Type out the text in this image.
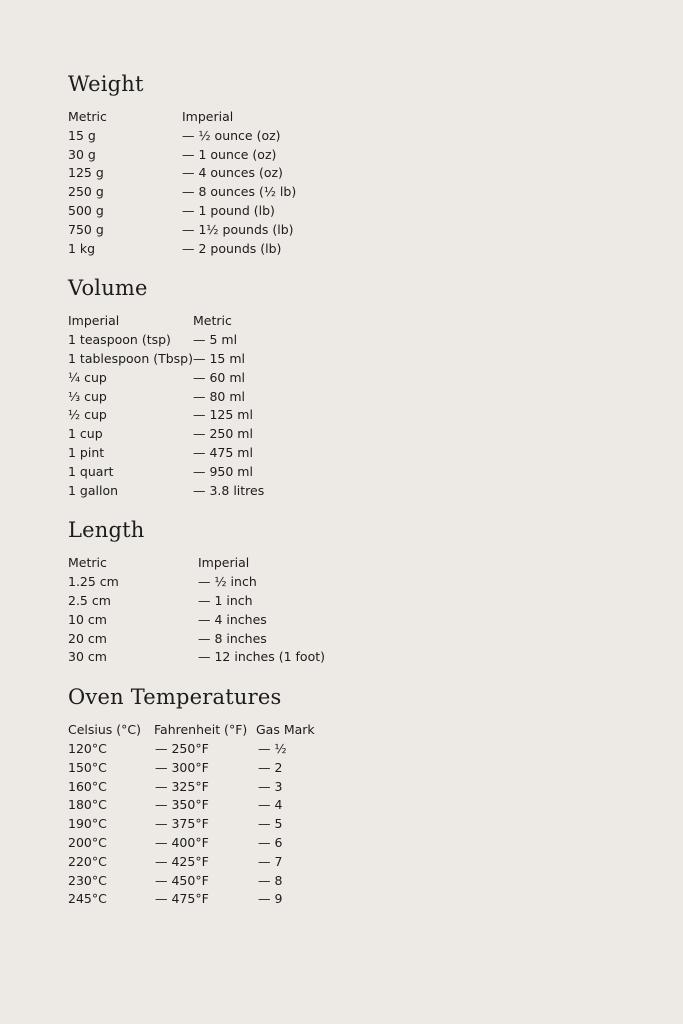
Weight
Metric	Imperial
15 g	— ½ ounce (oz)
30 g	— 1 ounce (oz)
125 g	— 4 ounces (oz)
250 g	— 8 ounces (½ lb)
500 g	— 1 pound (lb)
750 g	— 1½ pounds (lb)
1 kg	— 2 pounds (lb)
Volume
Imperial	Metric
1 teaspoon (tsp)	— 5 ml
1 tablespoon (Tbsp) — 15 ml
¼ cup	— 60 ml
⅓ cup	— 80 ml
½ cup	— 125 ml
1 cup	— 250 ml
1 pint	— 475 ml
1 quart	— 950 ml
1 gallon	— 3.8 litres
Length
Metric	Imperial
1.25 cm	— ½ inch
2.5 cm	— 1 inch
10 cm	— 4 inches
20 cm	— 8 inches
30 cm	— 12 inches (1 foot)
Oven Temperatures
Celsius (°C)	Fahrenheit (°F) Gas Mark
120°C	— 250°F	— ½
150°C	— 300°F	— 2
160°C	— 325°F	— 3
180°C	— 350°F	— 4
190°C	— 375°F	— 5
200°C	— 400°F	— 6
220°C	— 425°F	— 7
230°C	— 450°F	— 8
245°C	— 475°F	— 9
